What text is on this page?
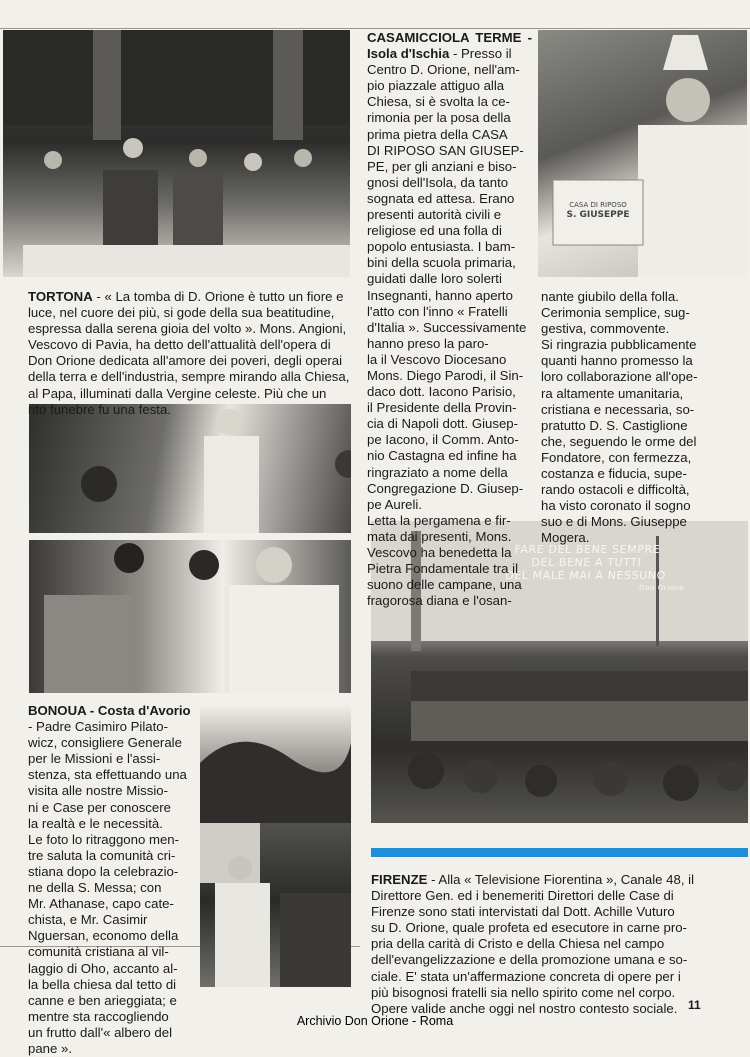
CASA DI RIPOSO
S. GIUSEPPE
FARE DEL BENE SEMPRE
DEL BENE A TUTTI
DEL MALE MAI A NESSUNO
Don Orione
CASAMICCIOLA TERME - Isola d'Ischia - Presso il
Centro D. Orione, nell'am-
pio piazzale attiguo alla
Chiesa, si è svolta la ce-
rimonia per la posa della
prima pietra della CASA
DI RIPOSO SAN GIUSEP-
PE, per gli anziani e biso-
gnosi dell'Isola, da tanto
sognata ed attesa. Erano
presenti autorità civili e
religiose ed una folla di
popolo entusiasta. I bam-
bini della scuola primaria,
guidati dalle loro solerti
Insegnanti, hanno aperto
l'atto con l'inno « Fratelli
d'Italia ». Successivamente
hanno preso la paro-
la il Vescovo Diocesano
Mons. Diego Parodi, il Sin-
daco dott. Iacono Parisio,
il Presidente della Provin-
cia di Napoli dott. Giusep-
pe Iacono, il Comm. Anto-
nio Castagna ed infine ha
ringraziato a nome della
Congregazione D. Giusep-
pe Aureli.
Letta la pergamena e fir-
mata dai presenti, Mons.
Vescovo ha benedetta la
Pietra Fondamentale tra il
suono delle campane, una
fragorosa diana e l'osan-
nante giubilo della folla.
Cerimonia semplice, sug-
gestiva, commovente.
Si ringrazia pubblicamente
quanti hanno promesso la
loro collaborazione all'ope-
ra altamente umanitaria,
cristiana e necessaria, so-
pratutto D. S. Castiglione
che, seguendo le orme del
Fondatore, con fermezza,
costanza e fiducia, supe-
rando ostacoli e difficoltà,
ha visto coronato il sogno
suo e di Mons. Giuseppe
Mogera.
TORTONA - « La tomba di D. Orione è tutto un fiore e
luce, nel cuore dei più, si gode della sua beatitudine,
espressa dalla serena gioia del volto ». Mons. Angioni,
Vescovo di Pavia, ha detto dell'attualità dell'opera di
Don Orione dedicata all'amore dei poveri, degli operai
della terra e dell'industria, sempre mirando alla Chiesa,
al Papa, illuminati dalla Vergine celeste. Più che un
rito funebre fu una festa.
BONOUA - Costa d'Avorio
- Padre Casimiro Pilato-
wicz, consigliere Generale
per le Missioni e l'assi-
stenza, sta effettuando una
visita alle nostre Missio-
ni e Case per conoscere
la realtà e le necessità.
Le foto lo ritraggono men-
tre saluta la comunità cri-
stiana dopo la celebrazio-
ne della S. Messa; con
Mr. Athanase, capo cate-
chista, e Mr. Casimir
Nguersan, economo della
comunità cristiana al vil-
laggio di Oho, accanto al-
la bella chiesa dal tetto di
canne e ben arieggiata; e
mentre sta raccogliendo
un frutto dall'« albero del
pane ».
FIRENZE - Alla « Televisione Fiorentina », Canale 48, il
Direttore Gen. ed i benemeriti Direttori delle Case di
Firenze sono stati intervistati dal Dott. Achille Vuturo
su D. Orione, quale profeta ed esecutore in carne pro-
pria della carità di Cristo e della Chiesa nel campo
dell'evangelizzazione e della promozione umana e so-
ciale. E' stata un'affermazione concreta di opere per i
più bisognosi fratelli sia nello spirito come nel corpo.
Opere valide anche oggi nel nostro contesto sociale. 11
Archivio Don Orione - Roma
